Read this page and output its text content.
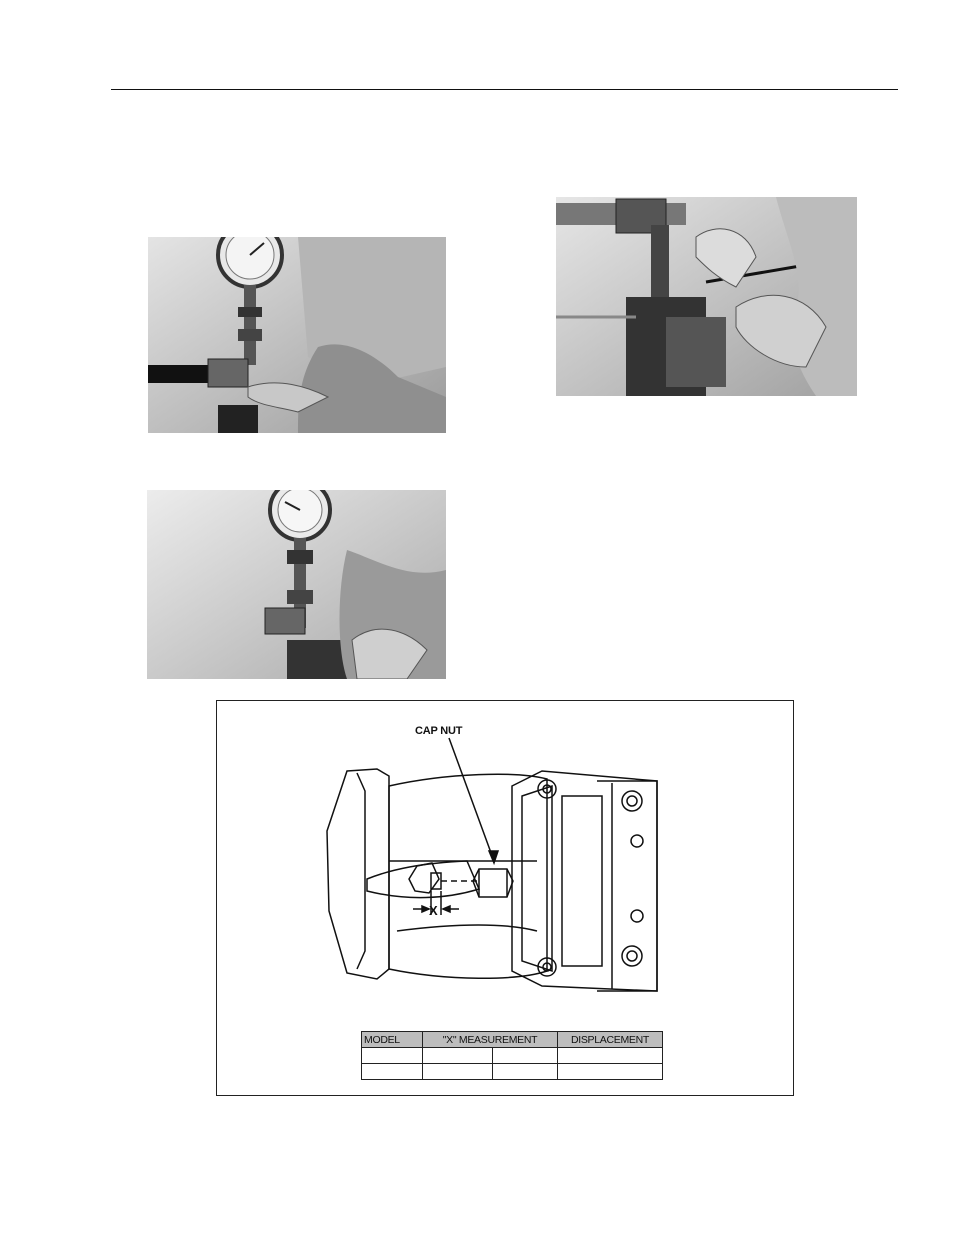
X
CAP NUT
MODEL	"X" MEASUREMENT		DISPLACEMENT
